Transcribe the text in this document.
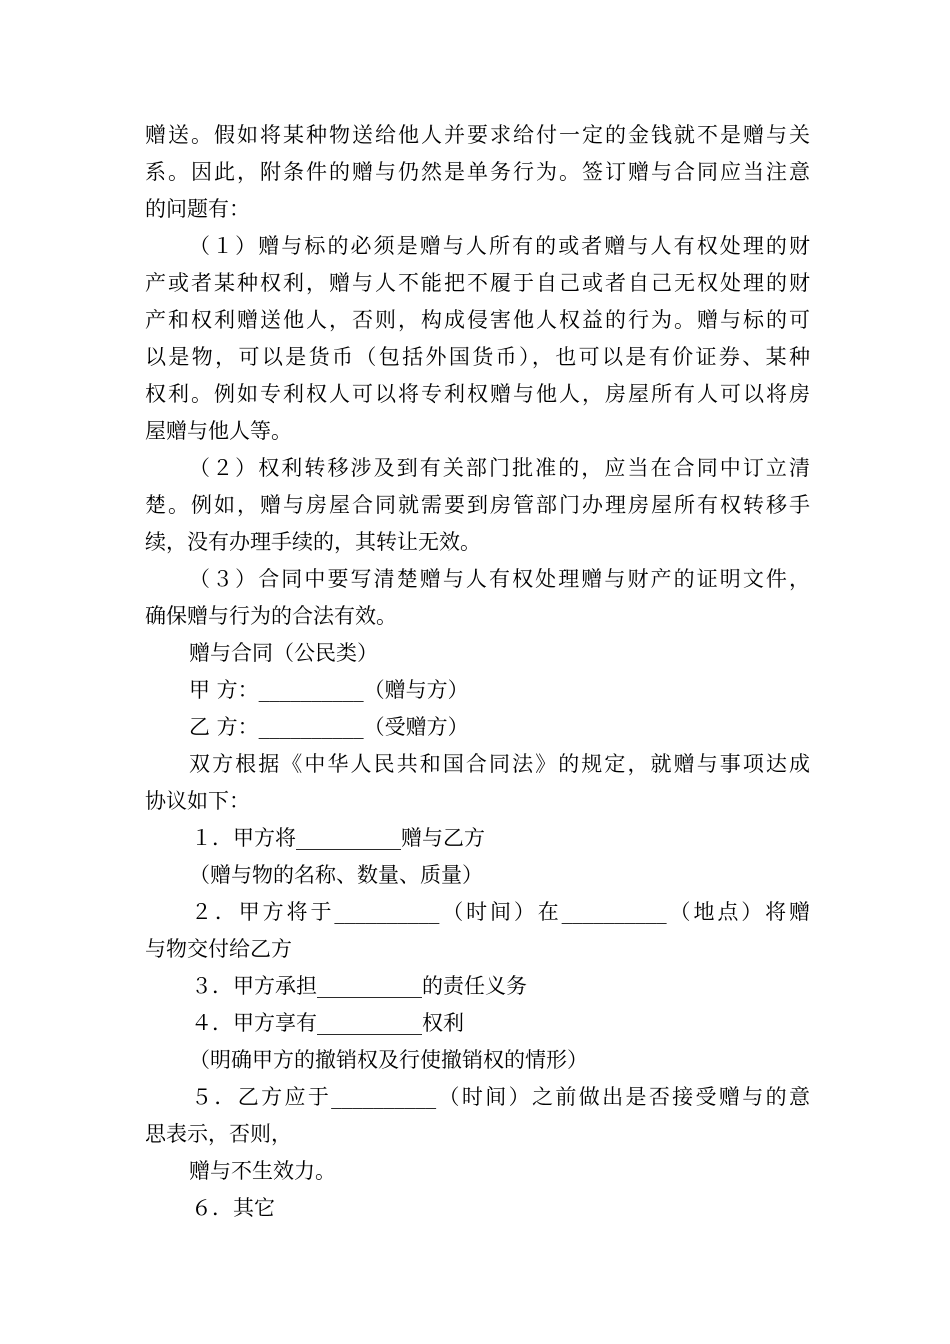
赠送。假如将某种物送给他人并要求给付一定的金钱就不是赠与关
系。因此，附条件的赠与仍然是单务行为。签订赠与合同应当注意
的问题有：
（１）赠与标的必须是赠与人所有的或者赠与人有权处理的财
产或者某种权利，赠与人不能把不履于自己或者自己无权处理的财
产和权利赠送他人，否则，构成侵害他人权益的行为。赠与标的可
以是物，可以是货币（包括外国货币），也可以是有价证券、某种
权利。例如专利权人可以将专利权赠与他人，房屋所有人可以将房
屋赠与他人等。
（２）权利转移涉及到有关部门批准的，应当在合同中订立清
楚。例如，赠与房屋合同就需要到房管部门办理房屋所有权转移手
续，没有办理手续的，其转让无效。
（３）合同中要写清楚赠与人有权处理赠与财产的证明文件，
确保赠与行为的合法有效。
赠与合同（公民类）
甲 方：__________（赠与方）
乙 方：__________（受赠方）
双方根据《中华人民共和国合同法》的规定，就赠与事项达成
协议如下：
１．甲方将__________赠与乙方
（赠与物的名称、数量、质量）
２．甲方将于__________（时间）在__________（地点）将赠
与物交付给乙方
３．甲方承担__________的责任义务
４．甲方享有__________权利
（明确甲方的撤销权及行使撤销权的情形）
５．乙方应于__________（时间）之前做出是否接受赠与的意
思表示，否则，
赠与不生效力。
６．其它
